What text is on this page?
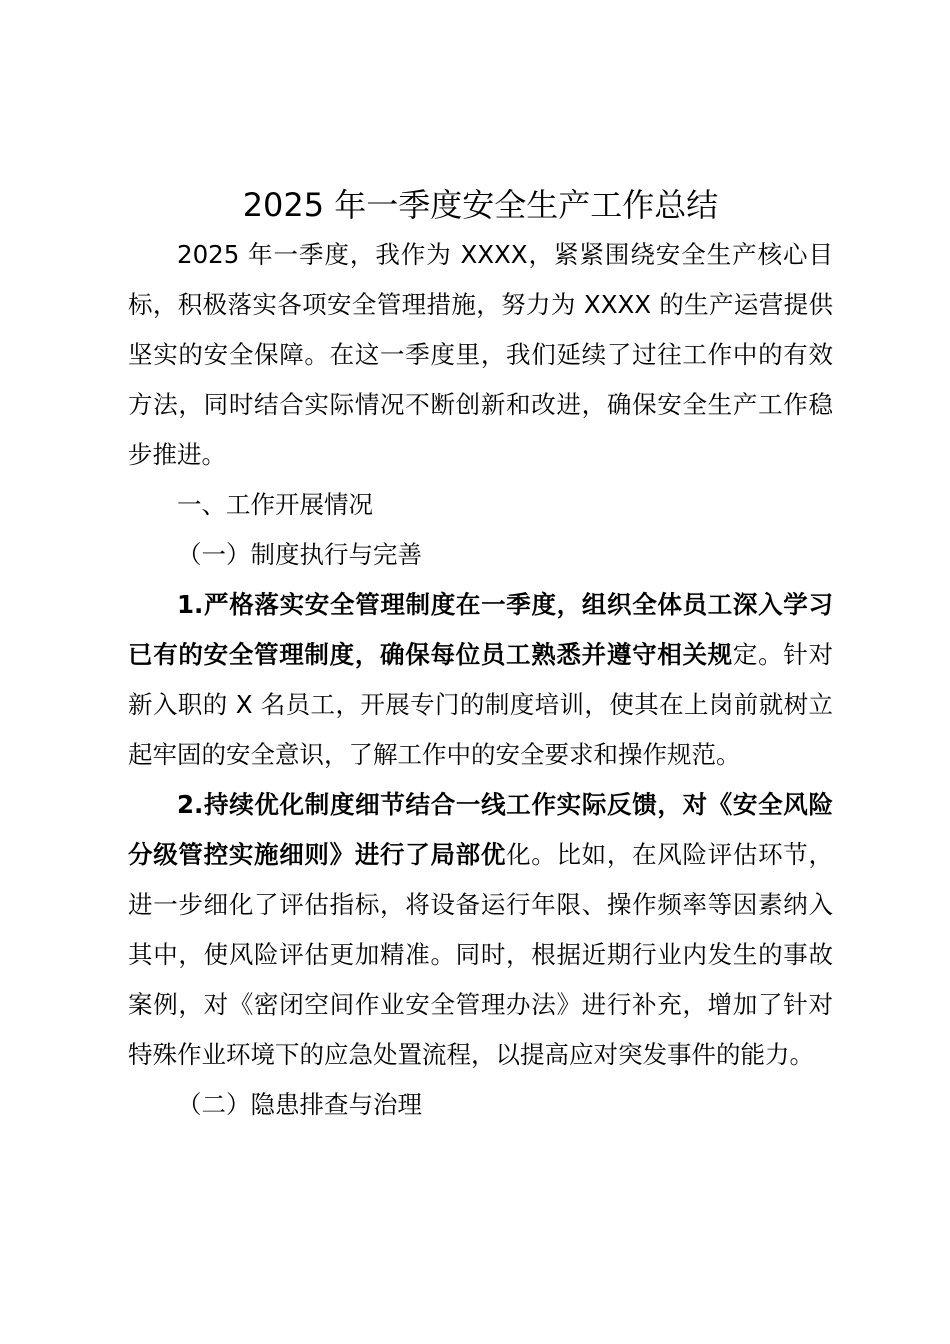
2025 年一季度安全生产工作总结

2025 年一季度，我作为 XXXX，紧紧围绕安全生产核心目标，积极落实各项安全管理措施，努力为 XXXX 的生产运营提供坚实的安全保障。在这一季度里，我们延续了过往工作中的有效方法，同时结合实际情况不断创新和改进，确保安全生产工作稳步推进。

一、工作开展情况

（一）制度执行与完善

1.严格落实安全管理制度在一季度，组织全体员工深入学习已有的安全管理制度，确保每位员工熟悉并遵守相关规定。针对新入职的 X 名员工，开展专门的制度培训，使其在上岗前就树立起牢固的安全意识，了解工作中的安全要求和操作规范。

2.持续优化制度细节结合一线工作实际反馈，对《安全风险分级管控实施细则》进行了局部优化。比如，在风险评估环节，进一步细化了评估指标，将设备运行年限、操作频率等因素纳入其中，使风险评估更加精准。同时，根据近期行业内发生的事故案例，对《密闭空间作业安全管理办法》进行补充，增加了针对特殊作业环境下的应急处置流程，以提高应对突发事件的能力。

（二）隐患排查与治理
